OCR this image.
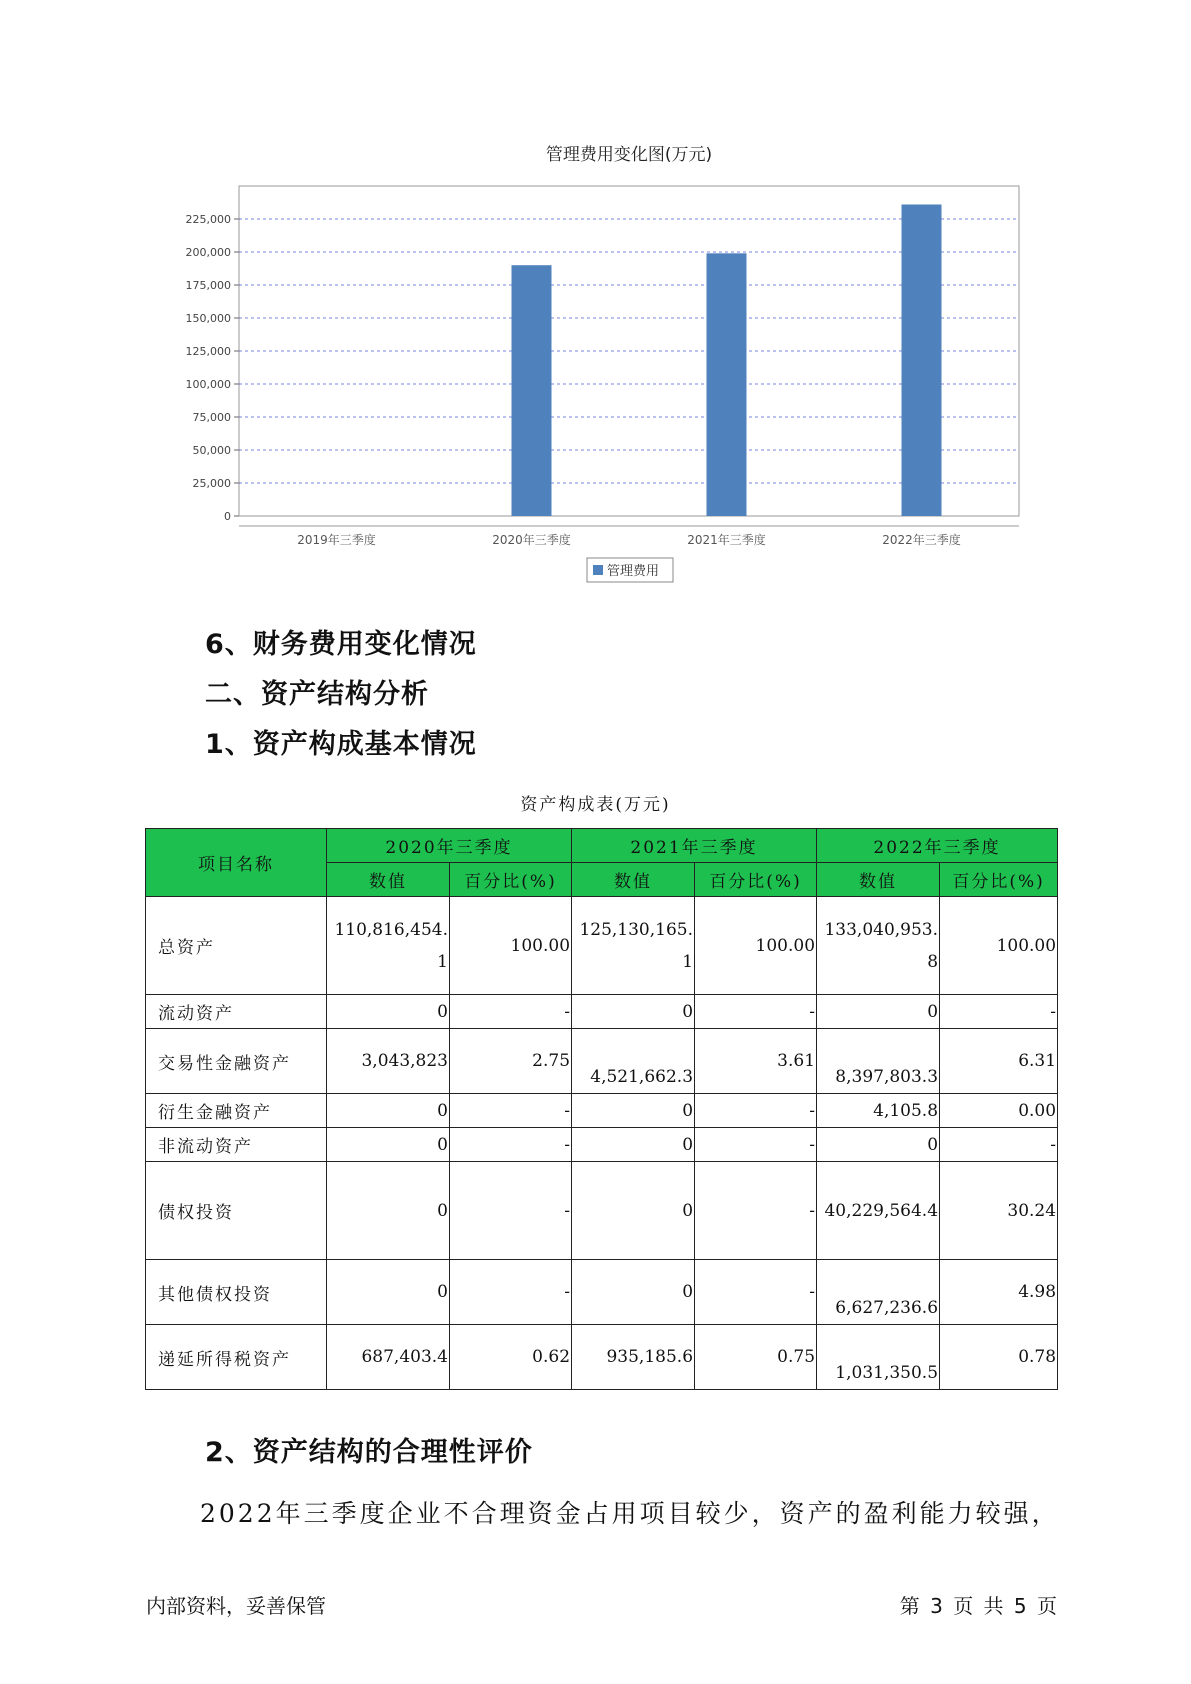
管理费用变化图(万元)
0
25,000
50,000
75,000
100,000
125,000
150,000
175,000
200,000
225,000
2019年三季度	2020年三季度	2021年三季度	2022年三季度
管理费用
6、财务费用变化情况
二、资产结构分析
1、资产构成基本情况
资产构成表(万元)
项目名称	2020年三季度		2021年三季度		2022年三季度	
	数值	百分比(%)	数值	百分比(%)	数值	百分比(%)
总资产	110,816,454.1	100.00	125,130,165.1	100.00	133,040,953.8	100.00
流动资产	0	-	0	-	0	-
交易性金融资产	3,043,823	2.75	4,521,662.3	3.61	8,397,803.3	6.31
衍生金融资产	0	-	0	-	4,105.8	0.00
非流动资产	0	-	0	-	0	-
债权投资	0	-	0	-	40,229,564.4	30.24
其他债权投资	0	-	0	-	6,627,236.6	4.98
递延所得税资产	687,403.4	0.62	935,185.6	0.75	1,031,350.5	0.78
2、资产结构的合理性评价

2022年三季度企业不合理资金占用项目较少，资产的盈利能力较强，

内部资料，妥善保管	第 3 页 共 5 页
